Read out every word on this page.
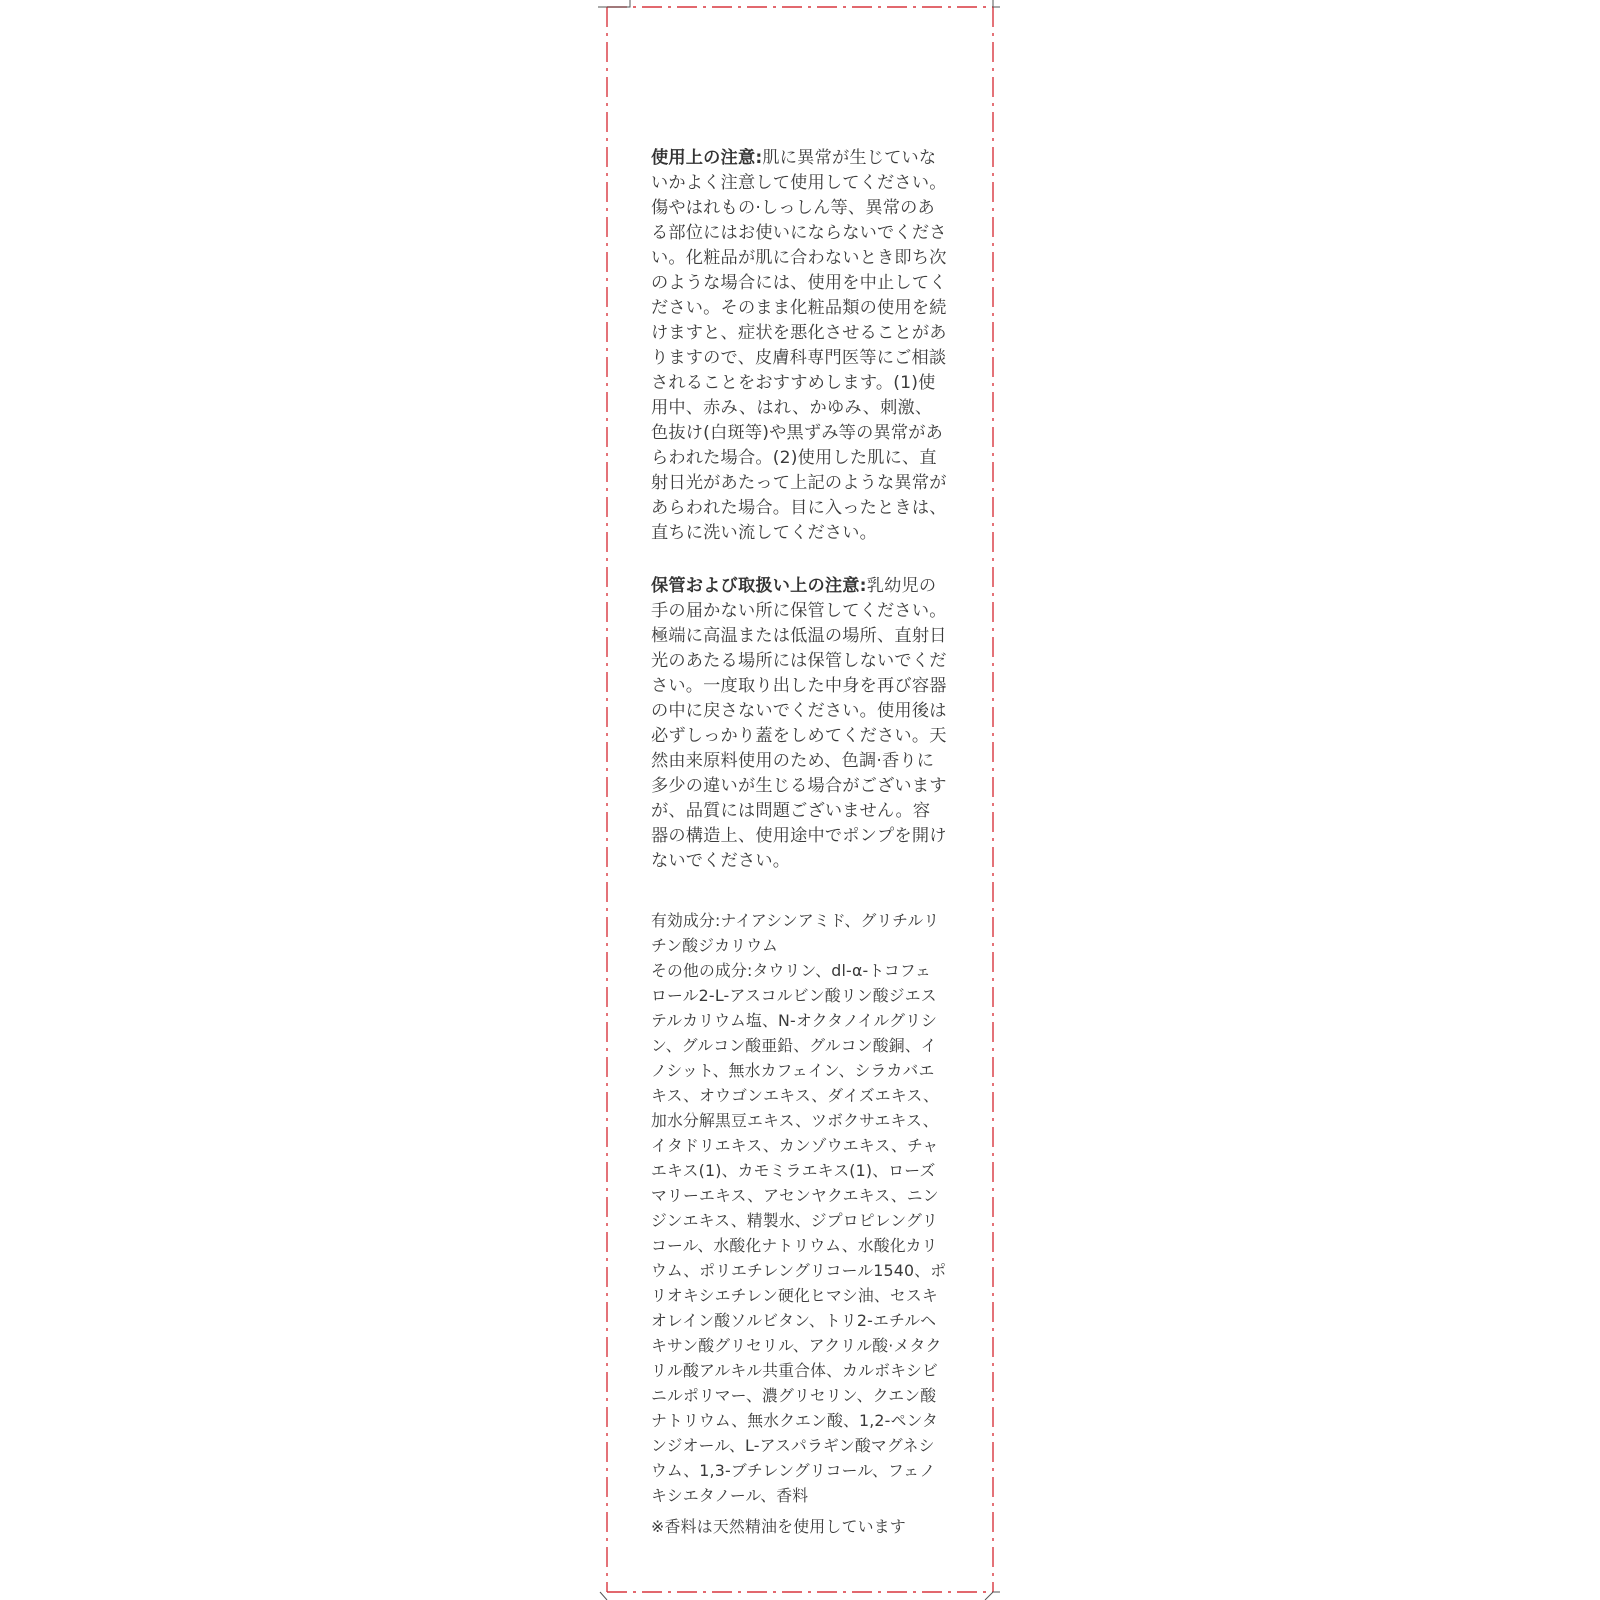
使用上の注意:肌に異常が生じていないかよく注意して使用してください。傷やはれもの·しっしん等、異常のある部位にはお使いにならないでください。化粧品が肌に合わないとき即ち次のような場合には、使用を中止してください。そのまま化粧品類の使用を続けますと、症状を悪化させることがありますので、皮膚科専門医等にご相談されることをおすすめします。(1)使用中、赤み、はれ、かゆみ、刺激、色抜け(白斑等)や黒ずみ等の異常があらわれた場合。(2)使用した肌に、直射日光があたって上記のような異常があらわれた場合。目に入ったときは、直ちに洗い流してください。

保管および取扱い上の注意:乳幼児の手の届かない所に保管してください。極端に高温または低温の場所、直射日光のあたる場所には保管しないでください。一度取り出した中身を再び容器の中に戻さないでください。使用後は必ずしっかり蓋をしめてください。天然由来原料使用のため、色調·香りに多少の違いが生じる場合がございますが、品質には問題ございません。容器の構造上、使用途中でポンプを開けないでください。

有効成分:ナイアシンアミド、グリチルリチン酸ジカリウム

その他の成分:タウリン、dl-α-トコフェロール2-L-アスコルビン酸リン酸ジエステルカリウム塩、N-オクタノイルグリシン、グルコン酸亜鉛、グルコン酸銅、イノシット、無水カフェイン、シラカバエキス、オウゴンエキス、ダイズエキス、加水分解黒豆エキス、ツボクサエキス、イタドリエキス、カンゾウエキス、チャエキス(1)、カモミラエキス(1)、ローズマリーエキス、アセンヤクエキス、ニンジンエキス、精製水、ジプロピレングリコール、水酸化ナトリウム、水酸化カリウム、ポリエチレングリコール1540、ポリオキシエチレン硬化ヒマシ油、セスキオレイン酸ソルビタン、トリ2-エチルヘキサン酸グリセリル、アクリル酸·メタクリル酸アルキル共重合体、カルボキシビニルポリマー、濃グリセリン、クエン酸ナトリウム、無水クエン酸、1,2-ペンタンジオール、L-アスパラギン酸マグネシウム、1,3-ブチレングリコール、フェノキシエタノール、香料

※香料は天然精油を使用しています
